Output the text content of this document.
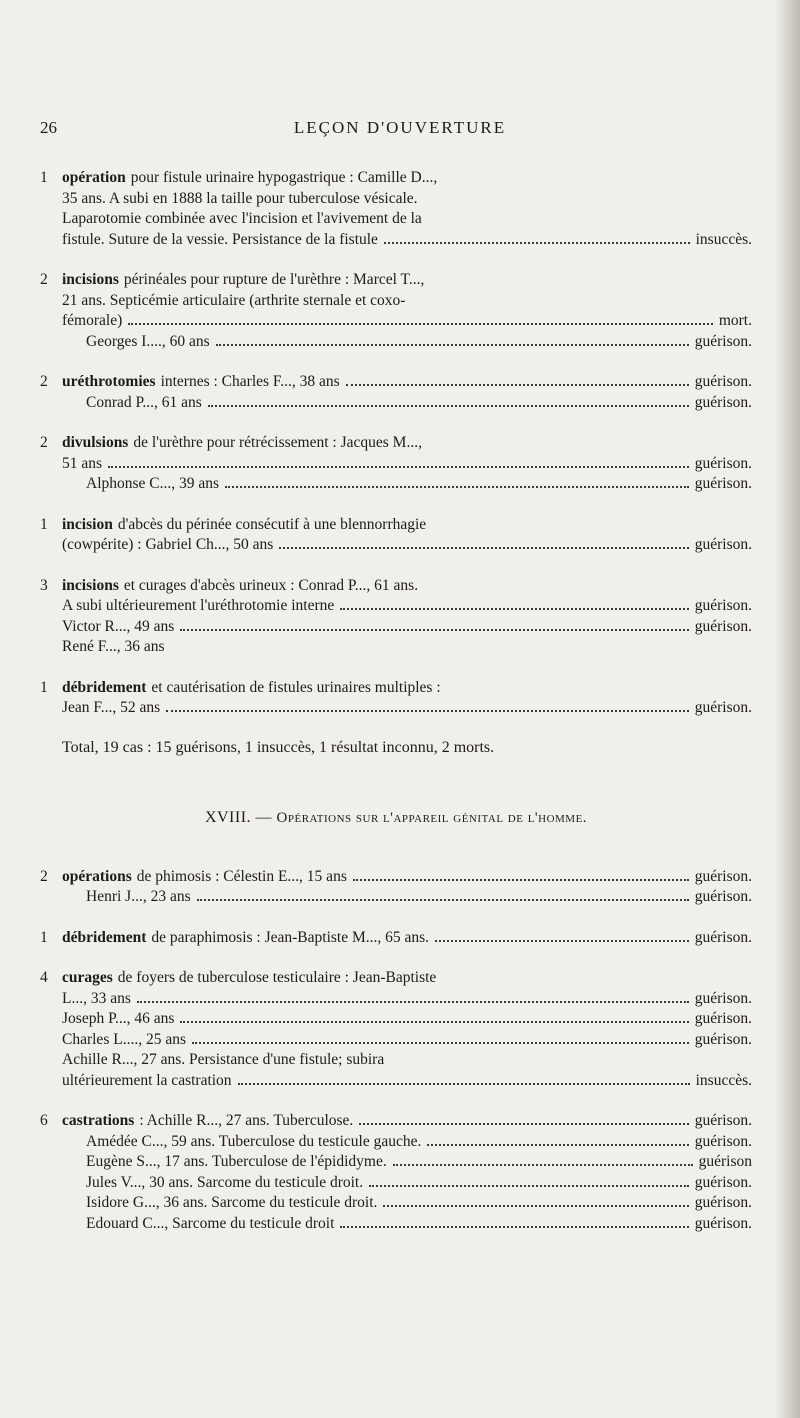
26	LEÇON D'OUVERTURE
1 opération pour fistule urinaire hypogastrique : Camille D...,
35 ans. A subi en 1888 la taille pour tuberculose vésicale.
Laparotomie combinée avec l'incision et l'avivement de la
fistule. Suture de la vessie. Persistance de la fistule	insuccès.
2 incisions périnéales pour rupture de l'urèthre : Marcel T...,
21 ans. Septicémie articulaire (arthrite sternale et coxo-
fémorale)	mort.
Georges I...., 60 ans	guérison.
2 uréthrotomies internes : Charles F..., 38 ans	guérison.
Conrad P..., 61 ans	guérison.
2 divulsions de l'urèthre pour rétrécissement : Jacques M...,
51 ans	guérison.
Alphonse C..., 39 ans	guérison.
1 incision d'abcès du périnée consécutif à une blennorrhagie
(cowpérite) : Gabriel Ch..., 50 ans	guérison.
3 incisions et curages d'abcès urineux : Conrad P..., 61 ans.
A subi ultérieurement l'uréthrotomie interne	guérison.
Victor R..., 49 ans	guérison.
René F..., 36 ans
1 débridement et cautérisation de fistules urinaires multiples :
Jean F..., 52 ans	guérison.
Total, 19 cas : 15 guérisons, 1 insuccès, 1 résultat inconnu, 2 morts.
XVIII. — Opérations sur l'appareil génital de l'homme.
2 opérations de phimosis : Célestin E..., 15 ans	guérison.
Henri J..., 23 ans	guérison.
1 débridement de paraphimosis : Jean-Baptiste M..., 65 ans.	guérison.
4 curages de foyers de tuberculose testiculaire : Jean-Baptiste
L..., 33 ans	guérison.
Joseph P..., 46 ans	guérison.
Charles L...., 25 ans	guérison.
Achille R..., 27 ans. Persistance d'une fistule; subira
ultérieurement la castration	insuccès.
6 castrations : Achille R..., 27 ans. Tuberculose.	guérison.
Amédée C..., 59 ans. Tuberculose du testicule gauche.	guérison.
Eugène S..., 17 ans. Tuberculose de l'épididyme.	guérison
Jules V..., 30 ans. Sarcome du testicule droit.	guérison.
Isidore G..., 36 ans. Sarcome du testicule droit.	guérison.
Edouard C..., Sarcome du testicule droit	guérison.
